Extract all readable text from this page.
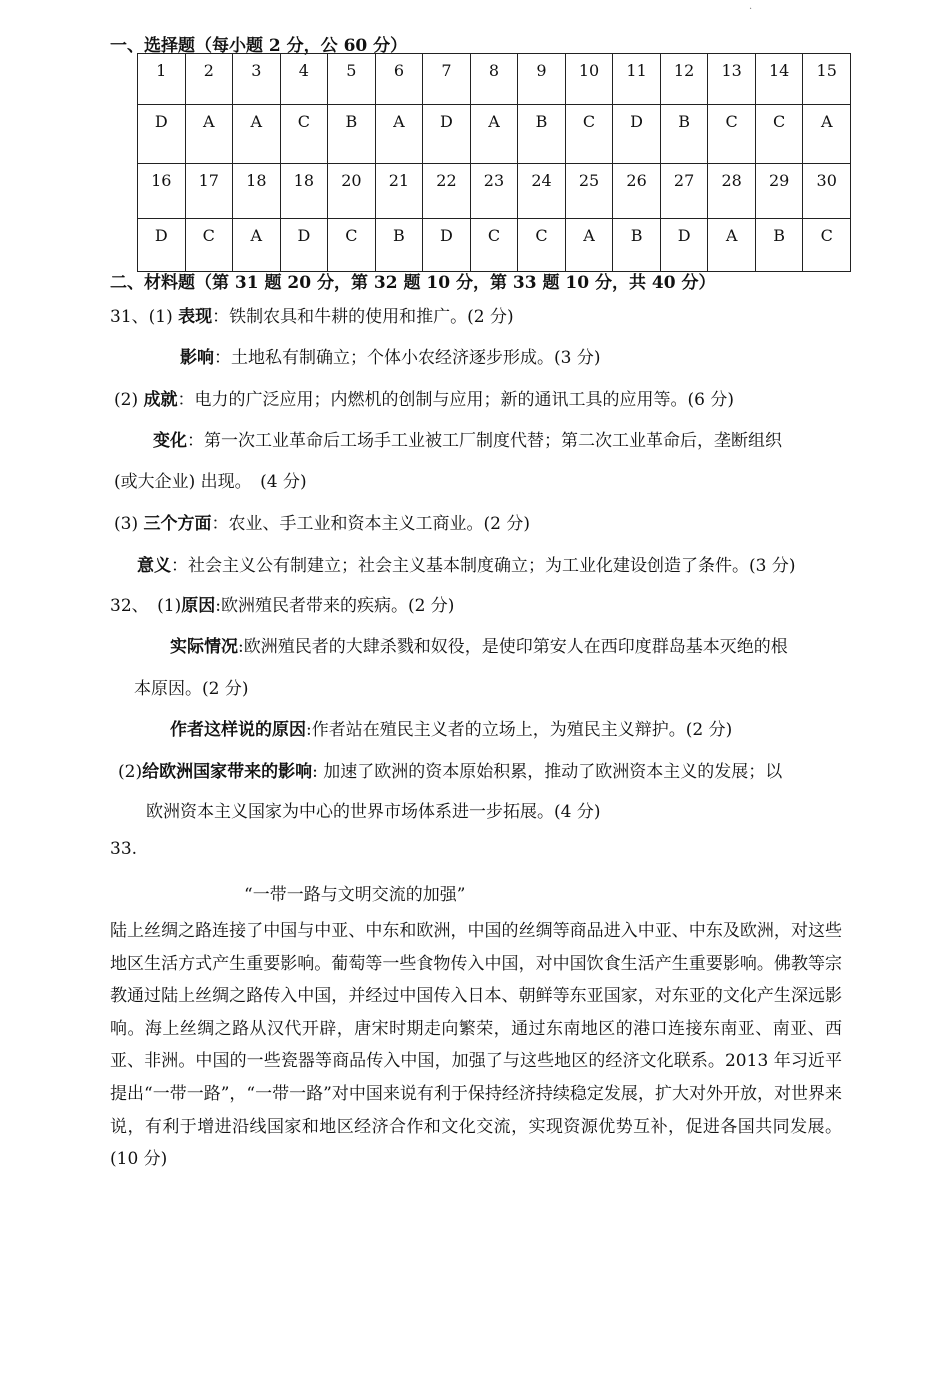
·
一、选择题（每小题 2 分，公 60 分）
1	2	3	4	5	6	7	8	9	10	11	12	13	14	15
D	A	A	C	B	A	D	A	B	C	D	B	C	C	A
16	17	18	18	20	21	22	23	24	25	26	27	28	29	30
D	C	A	D	C	B	D	C	C	A	B	D	A	B	C
二、材料题（第 31 题 20 分，第 32 题 10 分，第 33 题 10 分，共 40 分）
31、(1) 表现：铁制农具和牛耕的使用和推广。(2 分)
影响：土地私有制确立；个体小农经济逐步形成。(3 分)
(2) 成就：电力的广泛应用；内燃机的创制与应用；新的通讯工具的应用等。(6 分)
变化：第一次工业革命后工场手工业被工厂制度代替；第二次工业革命后，垄断组织
(或大企业) 出现。　(4 分)
(3) 三个方面：农业、手工业和资本主义工商业。(2 分)
意义：社会主义公有制建立；社会主义基本制度确立；为工业化建设创造了条件。(3 分)
32、　(1)原因:欧洲殖民者带来的疾病。(2 分)
实际情况:欧洲殖民者的大肆杀戮和奴役，是使印第安人在西印度群岛基本灭绝的根
本原因。(2 分)
作者这样说的原因:作者站在殖民主义者的立场上，为殖民主义辩护。(2 分)
(2)给欧洲国家带来的影响: 加速了欧洲的资本原始积累，推动了欧洲资本主义的发展；以
欧洲资本主义国家为中心的世界市场体系进一步拓展。(4 分)
33.
“一带一路与文明交流的加强”
陆上丝绸之路连接了中国与中亚、中东和欧洲，中国的丝绸等商品进入中亚、中东及欧洲，对这些地区生活方式产生重要影响。葡萄等一些食物传入中国，对中国饮食生活产生重要影响。佛教等宗教通过陆上丝绸之路传入中国，并经过中国传入日本、朝鲜等东亚国家，对东亚的文化产生深远影响。海上丝绸之路从汉代开辟，唐宋时期走向繁荣，通过东南地区的港口连接东南亚、南亚、西亚、非洲。中国的一些瓷器等商品传入中国，加强了与这些地区的经济文化联系。2013 年习近平提出“一带一路”，“一带一路”对中国来说有利于保持经济持续稳定发展，扩大对外开放，对世界来说，有利于增进沿线国家和地区经济合作和文化交流，实现资源优势互补，促进各国共同发展。(10 分)
